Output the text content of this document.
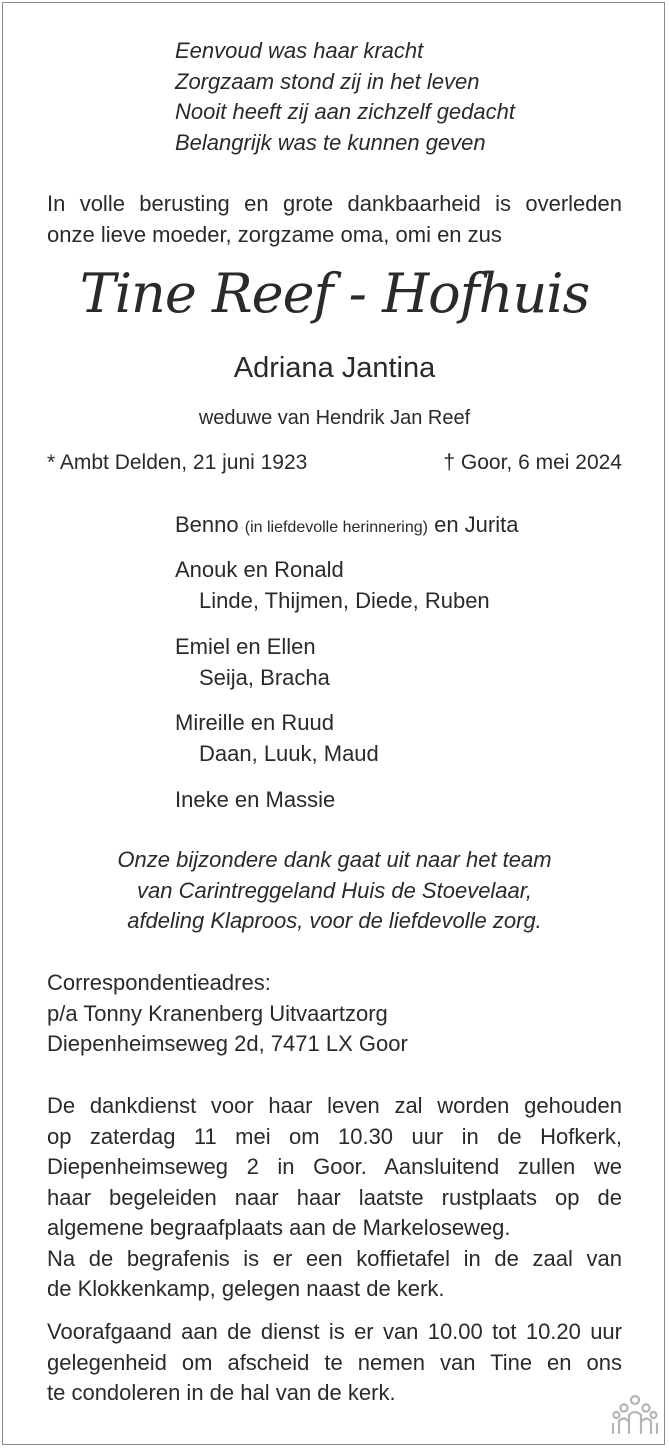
Eenvoud was haar kracht
Zorgzaam stond zij in het leven
Nooit heeft zij aan zichzelf gedacht
Belangrijk was te kunnen geven
In volle berusting en grote dankbaarheid is overleden
onze lieve moeder, zorgzame oma, omi en zus
Tine Reef - Hofhuis
Adriana Jantina
weduwe van Hendrik Jan Reef
* Ambt Delden, 21 juni 1923	† Goor, 6 mei 2024
Benno (in liefdevolle herinnering) en Jurita
Anouk en Ronald
Linde, Thijmen, Diede, Ruben
Emiel en Ellen
Seija, Bracha
Mireille en Ruud
Daan, Luuk, Maud
Ineke en Massie
Onze bijzondere dank gaat uit naar het team
van Carintreggeland Huis de Stoevelaar,
afdeling Klaproos, voor de liefdevolle zorg.
Correspondentieadres:
p/a Tonny Kranenberg Uitvaartzorg
Diepenheimseweg 2d, 7471 LX Goor
De dankdienst voor haar leven zal worden gehouden
op zaterdag 11 mei om 10.30 uur in de Hofkerk,
Diepenheimseweg 2 in Goor. Aansluitend zullen we
haar begeleiden naar haar laatste rustplaats op de
algemene begraafplaats aan de Markeloseweg.
Na de begrafenis is er een koffietafel in de zaal van
de Klokkenkamp, gelegen naast de kerk.
Voorafgaand aan de dienst is er van 10.00 tot 10.20 uur
gelegenheid om afscheid te nemen van Tine en ons
te condoleren in de hal van de kerk.
